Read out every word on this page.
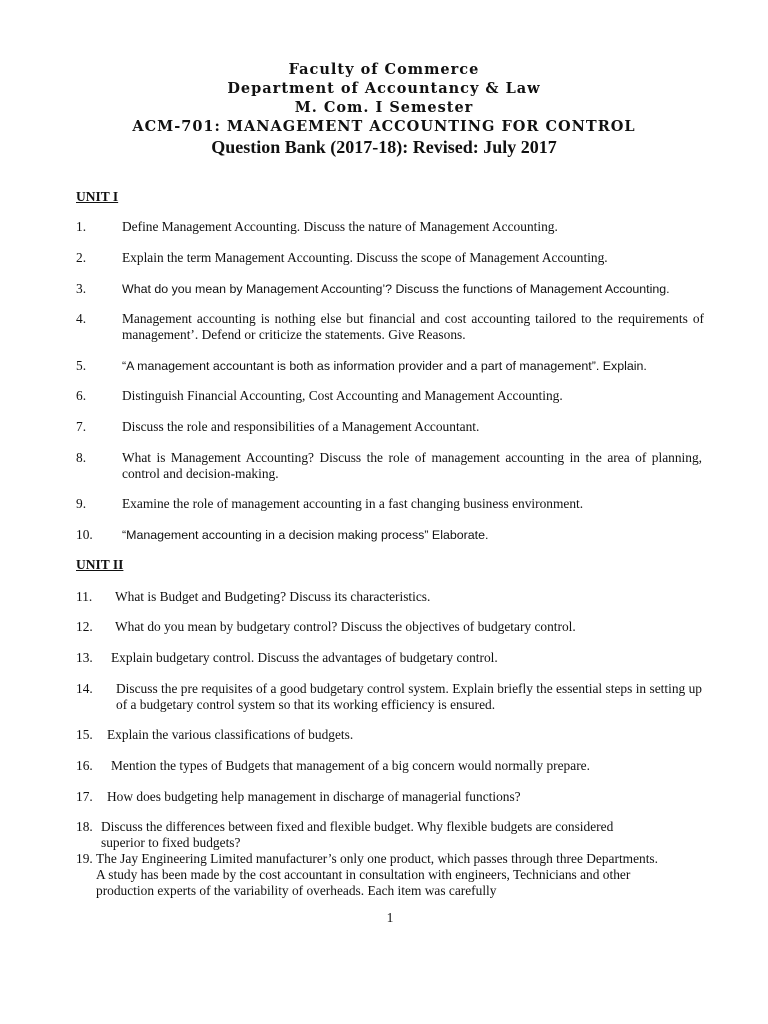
Faculty of Commerce
Department of Accountancy & Law
M. Com. I Semester
ACM-701: MANAGEMENT ACCOUNTING FOR CONTROL
Question Bank (2017-18): Revised: July 2017
UNIT I
1.	Define Management Accounting. Discuss the nature of Management Accounting.
2.	Explain the term Management Accounting. Discuss the scope of Management Accounting.
3.	What do you mean by Management Accounting’? Discuss the functions of Management Accounting.
4.	Management accounting is nothing else but financial and cost accounting tailored to the requirements of management’. Defend or criticize the statements. Give Reasons.
5.	“A management accountant is both as information provider and a part of management”. Explain.
6.	Distinguish Financial Accounting, Cost Accounting and Management Accounting.
7.	Discuss the role and responsibilities of a Management Accountant.
8.	What is Management Accounting? Discuss the role of management accounting in the area of planning, control and decision-making.
9.	Examine the role of management accounting in a fast changing business environment.
10. “Management accounting in a decision making process” Elaborate.
UNIT II
11. What is Budget and Budgeting? Discuss its characteristics.
12. What do you mean by budgetary control? Discuss the objectives of budgetary control.
13. Explain budgetary control. Discuss the advantages of budgetary control.
14. Discuss the pre requisites of a good budgetary control system. Explain briefly the essential steps in setting up of a budgetary control system so that its working efficiency is ensured.
15. Explain the various classifications of budgets.
16. Mention the types of Budgets that management of a big concern would normally prepare.
17. How does budgeting help management in discharge of managerial functions?
18. Discuss the differences between fixed and flexible budget. Why flexible budgets are considered superior to fixed budgets?
19. The Jay Engineering Limited manufacturer’s only one product, which passes through three Departments. A study has been made by the cost accountant in consultation with engineers, Technicians and other production experts of the variability of overheads. Each item was carefully
1
